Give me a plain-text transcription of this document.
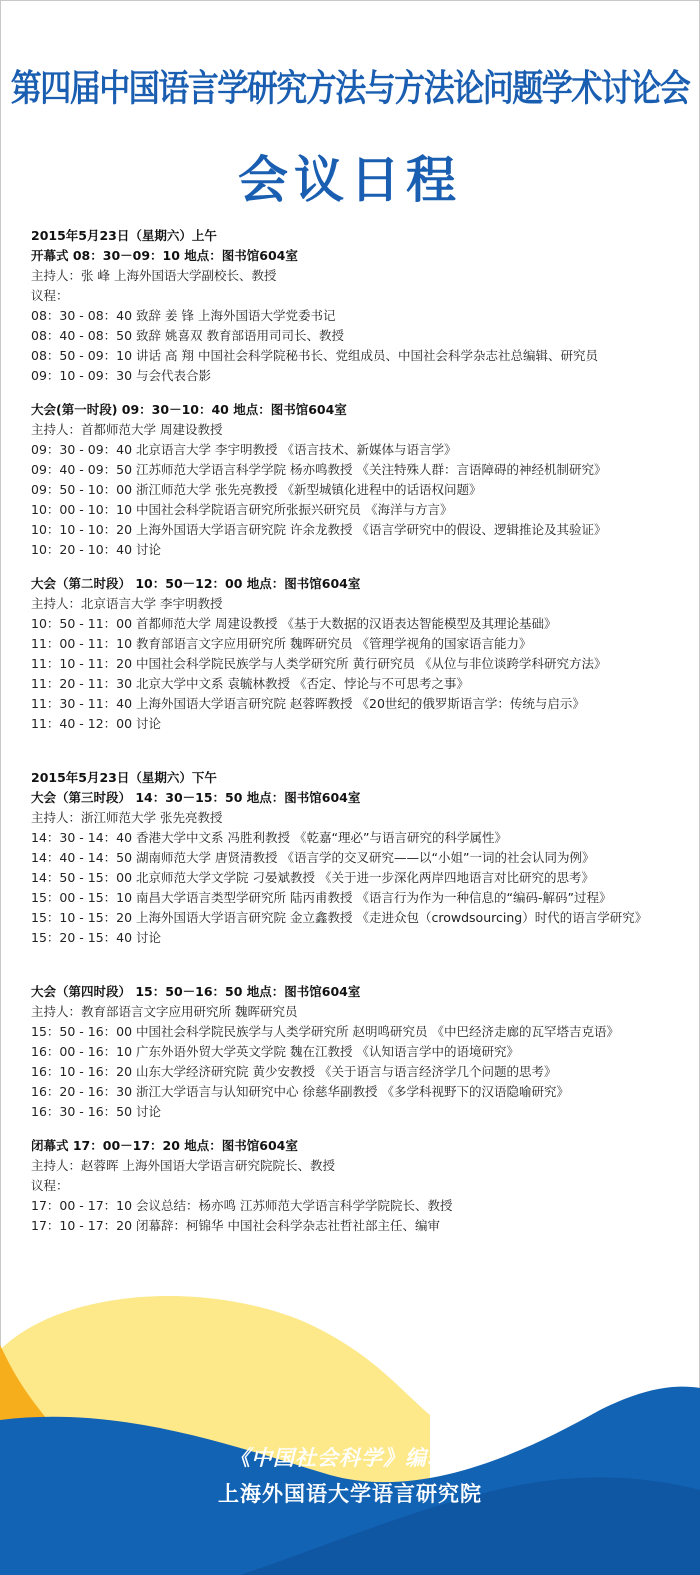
第四届中国语言学研究方法与方法论问题学术讨论会
会议日程
2015年5月23日（星期六）上午
开幕式 08：30－09：10 地点：图书馆604室
主持人：张 峰 上海外国语大学副校长、教授
议程：
08：30 - 08：40 致辞 姜 锋 上海外国语大学党委书记
08：40 - 08：50 致辞 姚喜双 教育部语用司司长、教授
08：50 - 09：10 讲话 高 翔 中国社会科学院秘书长、党组成员、中国社会科学杂志社总编辑、研究员
09：10 - 09：30 与会代表合影
大会(第一时段) 09：30－10：40 地点：图书馆604室
主持人：首都师范大学 周建设教授
09：30 - 09：40 北京语言大学 李宇明教授 《语言技术、新媒体与语言学》
09：40 - 09：50 江苏师范大学语言科学学院 杨亦鸣教授 《关注特殊人群：言语障碍的神经机制研究》
09：50 - 10：00 浙江师范大学 张先亮教授 《新型城镇化进程中的话语权问题》
10：00 - 10：10 中国社会科学院语言研究所张振兴研究员 《海洋与方言》
10：10 - 10：20 上海外国语大学语言研究院 许余龙教授 《语言学研究中的假设、逻辑推论及其验证》
10：20 - 10：40 讨论
大会（第二时段） 10：50－12：00 地点：图书馆604室
主持人：北京语言大学 李宇明教授
10：50 - 11：00 首都师范大学 周建设教授 《基于大数据的汉语表达智能模型及其理论基础》
11：00 - 11：10 教育部语言文字应用研究所 魏晖研究员 《管理学视角的国家语言能力》
11：10 - 11：20 中国社会科学院民族学与人类学研究所 黄行研究员 《从位与非位谈跨学科研究方法》
11：20 - 11：30 北京大学中文系 袁毓林教授 《否定、悖论与不可思考之事》
11：30 - 11：40 上海外国语大学语言研究院 赵蓉晖教授 《20世纪的俄罗斯语言学：传统与启示》
11：40 - 12：00 讨论
2015年5月23日（星期六）下午
大会（第三时段） 14：30－15：50 地点：图书馆604室
主持人：浙江师范大学 张先亮教授
14：30 - 14：40 香港大学中文系 冯胜利教授 《乾嘉“理必”与语言研究的科学属性》
14：40 - 14：50 湖南师范大学 唐贤清教授 《语言学的交叉研究——以“小姐”一词的社会认同为例》
14：50 - 15：00 北京师范大学文学院 刁晏斌教授 《关于进一步深化两岸四地语言对比研究的思考》
15：00 - 15：10 南昌大学语言类型学研究所 陆丙甫教授 《语言行为作为一种信息的“编码-解码”过程》
15：10 - 15：20 上海外国语大学语言研究院 金立鑫教授 《走进众包（crowdsourcing）时代的语言学研究》
15：20 - 15：40 讨论
大会（第四时段） 15：50－16：50 地点：图书馆604室
主持人：教育部语言文字应用研究所 魏晖研究员
15：50 - 16：00 中国社会科学院民族学与人类学研究所 赵明鸣研究员 《中巴经济走廊的瓦罕塔吉克语》
16：00 - 16：10 广东外语外贸大学英文学院 魏在江教授 《认知语言学中的语境研究》
16：10 - 16：20 山东大学经济研究院 黄少安教授 《关于语言与语言经济学几个问题的思考》
16：20 - 16：30 浙江大学语言与认知研究中心 徐慈华副教授 《多学科视野下的汉语隐喻研究》
16：30 - 16：50 讨论
闭幕式 17：00－17：20 地点：图书馆604室
主持人：赵蓉晖 上海外国语大学语言研究院院长、教授
议程：
17：00 - 17：10 会议总结：杨亦鸣 江苏师范大学语言科学学院院长、教授
17：10 - 17：20 闭幕辞：柯锦华 中国社会科学杂志社哲社部主任、编审
《中国社会科学》编辑部
上海外国语大学语言研究院
